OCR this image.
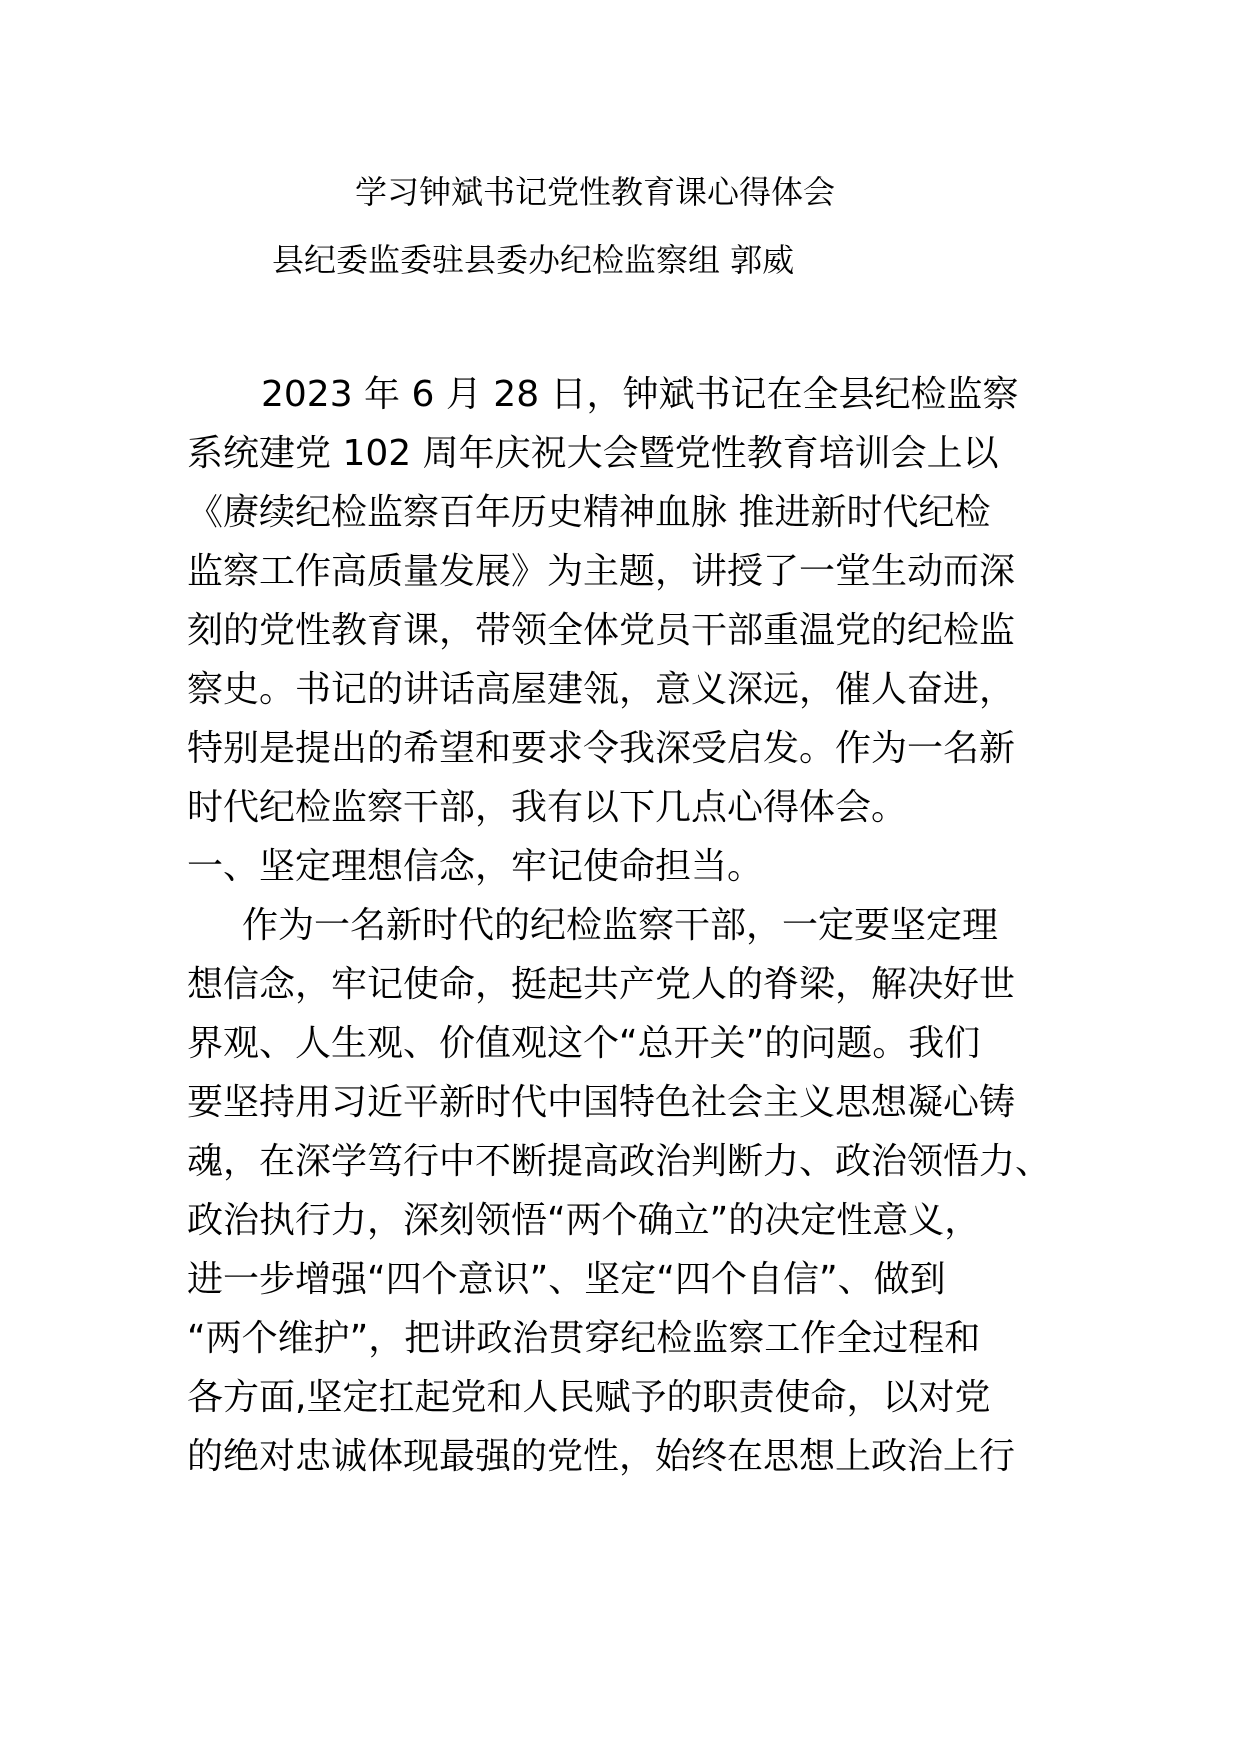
学习钟斌书记党性教育课心得体会

县纪委监委驻县委办纪检监察组 郭威

2023 年 6 月 28 日，钟斌书记在全县纪检监察

系统建党 102 周年庆祝大会暨党性教育培训会上以

《赓续纪检监察百年历史精神血脉 推进新时代纪检

监察工作高质量发展》为主题，讲授了一堂生动而深

刻的党性教育课，带领全体党员干部重温党的纪检监

察史。书记的讲话高屋建瓴，意义深远，催人奋进，

特别是提出的希望和要求令我深受启发。作为一名新

时代纪检监察干部，我有以下几点心得体会。

一、坚定理想信念，牢记使命担当。

作为一名新时代的纪检监察干部，一定要坚定理

想信念，牢记使命，挺起共产党人的脊梁，解决好世

界观、人生观、价值观这个“总开关”的问题。我们

要坚持用习近平新时代中国特色社会主义思想凝心铸

魂，在深学笃行中不断提高政治判断力、政治领悟力、

政治执行力，深刻领悟“两个确立”的决定性意义，

进一步增强“四个意识”、坚定“四个自信”、做到

“两个维护”，把讲政治贯穿纪检监察工作全过程和

各方面,坚定扛起党和人民赋予的职责使命，以对党

的绝对忠诚体现最强的党性，始终在思想上政治上行
